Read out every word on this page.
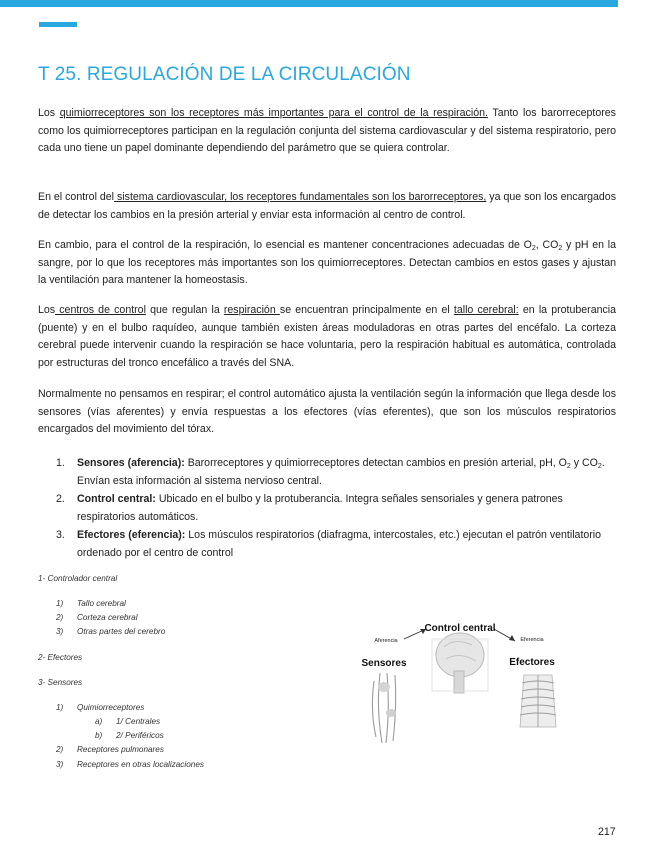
T 25. REGULACIÓN DE LA CIRCULACIÓN

Los quimiorreceptores son los receptores más importantes para el control de la respiración. Tanto los barorreceptores como los quimiorreceptores participan en la regulación conjunta del sistema cardiovascular y del sistema respiratorio, pero cada uno tiene un papel dominante dependiendo del parámetro que se quiera controlar.

En el control del sistema cardiovascular, los receptores fundamentales son los barorreceptores, ya que son los encargados de detectar los cambios en la presión arterial y enviar esta información al centro de control.

En cambio, para el control de la respiración, lo esencial es mantener concentraciones adecuadas de $O_2$, $CO_2$ y pH en la sangre, por lo que los receptores más importantes son los quimiorreceptores. Detectan cambios en estos gases y ajustan la ventilación para mantener la homeostasis.

Los centros de control que regulan la respiración se encuentran principalmente en el tallo cerebral: en la protuberancia (puente) y en el bulbo raquídeo, aunque también existen áreas moduladoras en otras partes del encéfalo. La corteza cerebral puede intervenir cuando la respiración se hace voluntaria, pero la respiración habitual es automática, controlada por estructuras del tronco encefálico a través del SNA.

Normalmente no pensamos en respirar; el control automático ajusta la ventilación según la información que llega desde los sensores (vías aferentes) y envía respuestas a los efectores (vías eferentes), que son los músculos respiratorios encargados del movimiento del tórax.

1. Sensores (aferencia): Barorreceptores y quimiorreceptores detectan cambios en presión arterial, pH, $O_2$ y $CO_2$. Envían esta información al sistema nervioso central.
2. Control central: Ubicado en el bulbo y la protuberancia. Integra señales sensoriales y genera patrones respiratorios automáticos.
3. Efectores (eferencia): Los músculos respiratorios (diafragma, intercostales, etc.) ejecutan el patrón ventilatorio ordenado por el centro de control

1- Controlador central

1) Tallo cerebral

2) Corteza cerebral

3) Otras partes del cerebro

2- Efectores

3- Sensores

1) Quimiorreceptores

a) 1/ Centrales

b) 2/ Periféricos

2) Receptores pulmonares

3) Receptores en otras localizaciones

Control central
Sensores	Efectores
Aferencia	Eferencia
217
